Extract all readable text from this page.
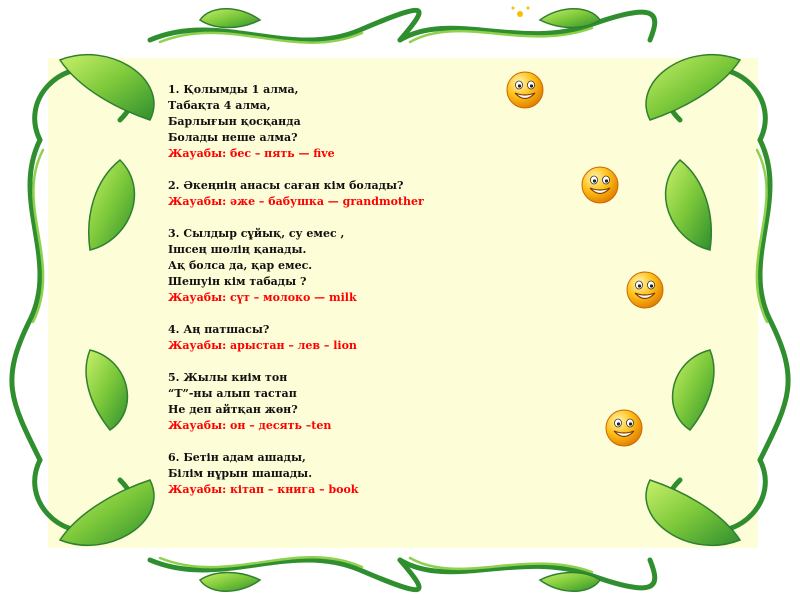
1. Қолымды 1 алма,
Табақта 4 алма,
Барлығын қосқанда
Болады неше алма?
Жауабы: бес – пять — five
2. Әкеңнің анасы саған кім болады?
Жауабы: әже – бабушка — grandmother
3. Сылдыр сұйық, су емес ,
Ішсең шөлің қанады.
Ақ болса да, қар емес.
Шешуін кім табады ?
Жауабы: сүт – молоко — milk
4. Аң патшасы?
Жауабы: арыстан – лев – lion
5. Жылы киім тон
“Т”-ны алып тастап
Не деп айтқан жөн?
Жауабы: он – десять –ten
6. Бетін адам ашады,
Білім нұрын шашады.
Жауабы: кітап – книга – book
